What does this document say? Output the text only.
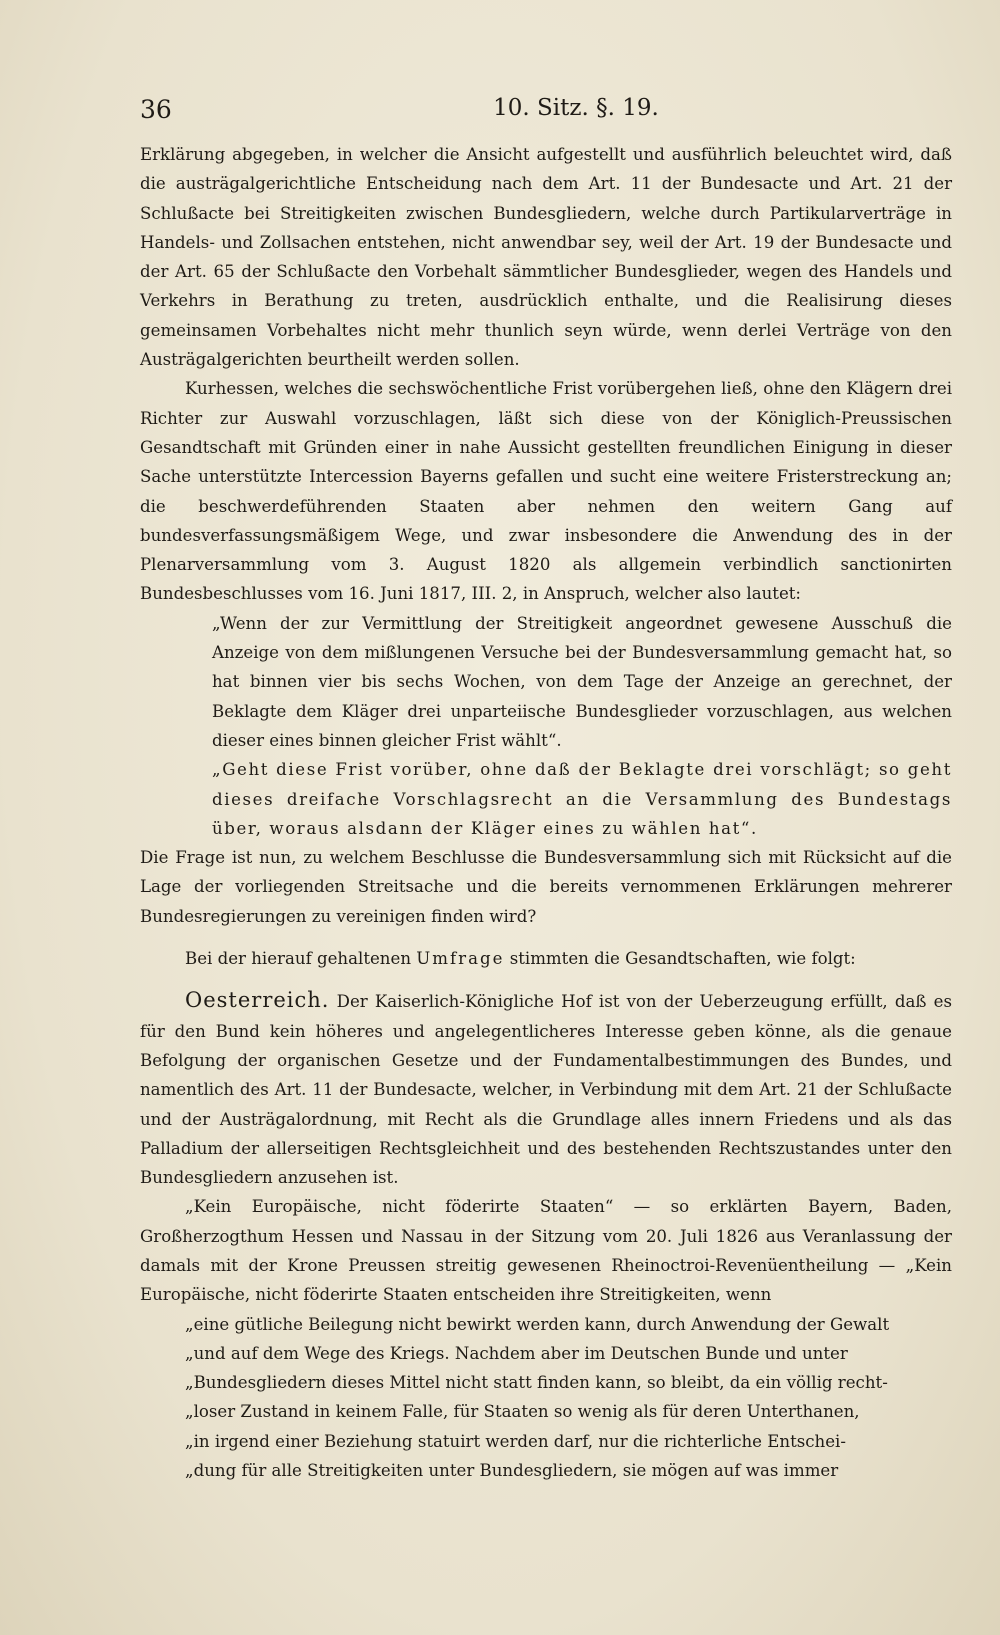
36	10. Sitz. §. 19.

Erklärung abgegeben, in welcher die Ansicht aufgestellt und ausführlich beleuchtet wird, daß die austrägalgerichtliche Entscheidung nach dem Art. 11 der Bundesacte und Art. 21 der Schlußacte bei Streitigkeiten zwischen Bundesgliedern, welche durch Partikularverträge in Handels- und Zollsachen entstehen, nicht anwendbar sey, weil der Art. 19 der Bundesacte und der Art. 65 der Schlußacte den Vorbehalt sämmtlicher Bundesglieder, wegen des Handels und Verkehrs in Berathung zu treten, ausdrücklich enthalte, und die Realisirung dieses gemeinsamen Vorbehaltes nicht mehr thunlich seyn würde, wenn derlei Verträge von den Austrägalgerichten beurtheilt werden sollen.

Kurhessen, welches die sechswöchentliche Frist vorübergehen ließ, ohne den Klägern drei Richter zur Auswahl vorzuschlagen, läßt sich diese von der Königlich-Preussischen Gesandtschaft mit Gründen einer in nahe Aussicht gestellten freundlichen Einigung in dieser Sache unterstützte Intercession Bayerns gefallen und sucht eine weitere Fristerstreckung an; die beschwerdeführenden Staaten aber nehmen den weitern Gang auf bundesverfassungsmäßigem Wege, und zwar insbesondere die Anwendung des in der Plenarversammlung vom 3. August 1820 als allgemein verbindlich sanctionirten Bundesbeschlusses vom 16. Juni 1817, III. 2, in Anspruch, welcher also lautet:

„Wenn der zur Vermittlung der Streitigkeit angeordnet gewesene Ausschuß die Anzeige von dem mißlungenen Versuche bei der Bundesversammlung gemacht hat, so hat binnen vier bis sechs Wochen, von dem Tage der Anzeige an gerechnet, der Beklagte dem Kläger drei unparteiische Bundesglieder vorzuschlagen, aus welchen dieser eines binnen gleicher Frist wählt“.

„Geht diese Frist vorüber, ohne daß der Beklagte drei vorschlägt; so geht dieses dreifache Vorschlagsrecht an die Versammlung des Bundestags über, woraus alsdann der Kläger eines zu wählen hat“.

Die Frage ist nun, zu welchem Beschlusse die Bundesversammlung sich mit Rücksicht auf die Lage der vorliegenden Streitsache und die bereits vernommenen Erklärungen mehrerer Bundesregierungen zu vereinigen finden wird?

Bei der hierauf gehaltenen Umfrage stimmten die Gesandtschaften, wie folgt:

Oesterreich. Der Kaiserlich-Königliche Hof ist von der Ueberzeugung erfüllt, daß es für den Bund kein höheres und angelegentlicheres Interesse geben könne, als die genaue Befolgung der organischen Gesetze und der Fundamentalbestimmungen des Bundes, und namentlich des Art. 11 der Bundesacte, welcher, in Verbindung mit dem Art. 21 der Schlußacte und der Austrägalordnung, mit Recht als die Grundlage alles innern Friedens und als das Palladium der allerseitigen Rechtsgleichheit und des bestehenden Rechtszustandes unter den Bundesgliedern anzusehen ist.

„Kein Europäische, nicht föderirte Staaten“ — so erklärten Bayern, Baden, Großherzogthum Hessen und Nassau in der Sitzung vom 20. Juli 1826 aus Veranlassung der damals mit der Krone Preussen streitig gewesenen Rheinoctroi-Revenüentheilung — „Kein Europäische, nicht föderirte Staaten entscheiden ihre Streitigkeiten, wenn
„eine gütliche Beilegung nicht bewirkt werden kann, durch Anwendung der Gewalt
„und auf dem Wege des Kriegs. Nachdem aber im Deutschen Bunde und unter
„Bundesgliedern dieses Mittel nicht statt finden kann, so bleibt, da ein völlig recht-
„loser Zustand in keinem Falle, für Staaten so wenig als für deren Unterthanen,
„in irgend einer Beziehung statuirt werden darf, nur die richterliche Entschei-
„dung für alle Streitigkeiten unter Bundesgliedern, sie mögen auf was immer
